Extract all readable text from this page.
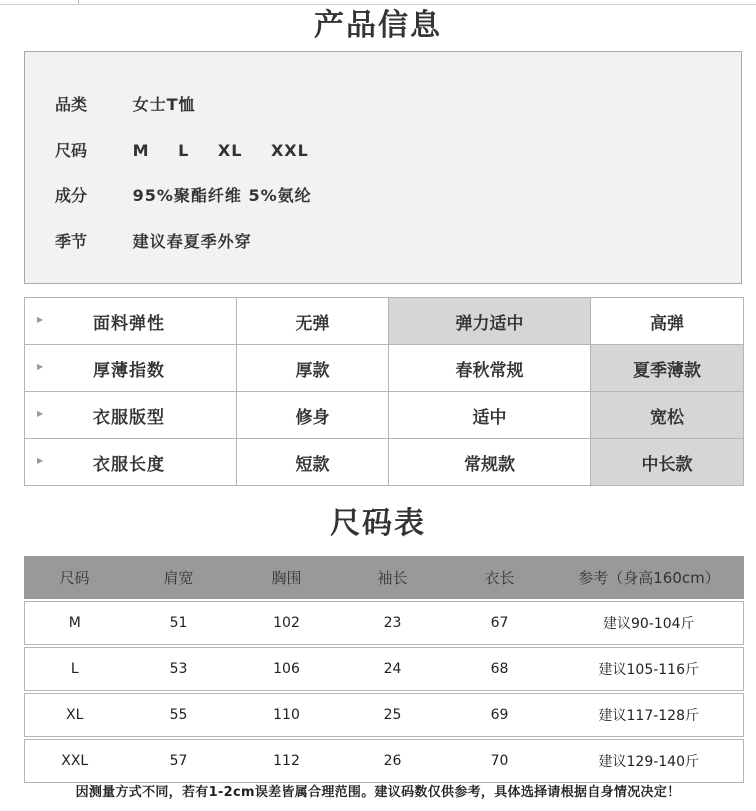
产品信息
品类	女士T恤
尺码	M L XL XXL
成分	95%聚酯纤维 5%氨纶
季节	建议春夏季外穿
▶ 面料弹性	无弹	弹力适中	高弹

▶ 厚薄指数	厚款	春秋常规	夏季薄款

▶ 衣服版型	修身	适中	宽松

▶ 衣服长度	短款	常规款	中长款
尺码表
尺码	肩宽	胸围	袖长	衣长	参考（身高160cm）

M	51	102	23	67	建议90-104斤

L	53	106	24	68	建议105-116斤

XL	55	110	25	69	建议117-128斤

XXL	57	112	26	70	建议129-140斤
因测量方式不同，若有1-2cm误差皆属合理范围。建议码数仅供参考，具体选择请根据自身情况决定！
